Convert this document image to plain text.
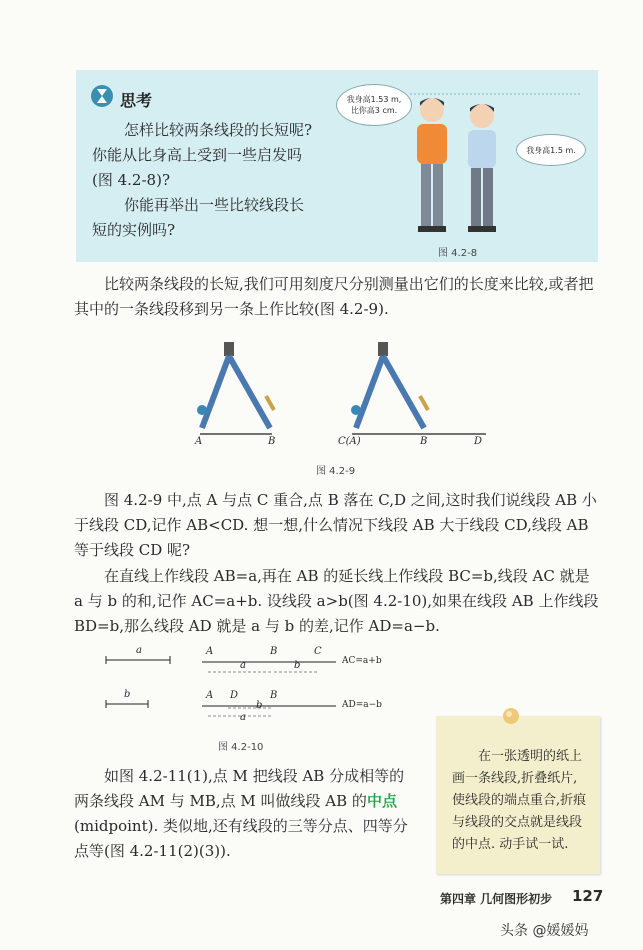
思考

怎样比较两条线段的长短呢?

你能从比身高上受到一些启发吗

(图 4.2-8)?

你能再举出一些比较线段长

短的实例吗?

我身高1.53 m,
比你高3 cm.
我身高1.5 m.
图 4.2-8

比较两条线段的长短,我们可用刻度尺分别测量出它们的长度来比较,或者把其中的一条线段移到另一条上作比较(图 4.2-9).

A	B	C(A)	B	D
图 4.2-9

图 4.2-9 中,点 A 与点 C 重合,点 B 落在 C,D 之间,这时我们说线段 AB 小于线段 CD,记作 AB<CD. 想一想,什么情况下线段 AB 大于线段 CD,线段 AB 等于线段 CD 呢?

在直线上作线段 AB=a,再在 AB 的延长线上作线段 BC=b,线段 AC 就是 a 与 b 的和,记作 AC=a+b. 设线段 a>b(图 4.2-10),如果在线段 AB 上作线段 BD=b,那么线段 AD 就是 a 与 b 的差,记作 AD=a−b.

a
b
A	B	C
a	b	AC=a+b
A D	B
a
b	AD=a−b
图 4.2-10

如图 4.2-11(1),点 M 把线段 AB 分成相等的两条线段 AM 与 MB,点 M 叫做线段 AB 的中点(midpoint). 类似地,还有线段的三等分点、四等分点等(图 4.2-11(2)(3)).

在一张透明的纸上画一条线段,折叠纸片,使线段的端点重合,折痕与线段的交点就是线段的中点. 动手试一试.

第四章 几何图形初步 127
头条 @媛媛妈
